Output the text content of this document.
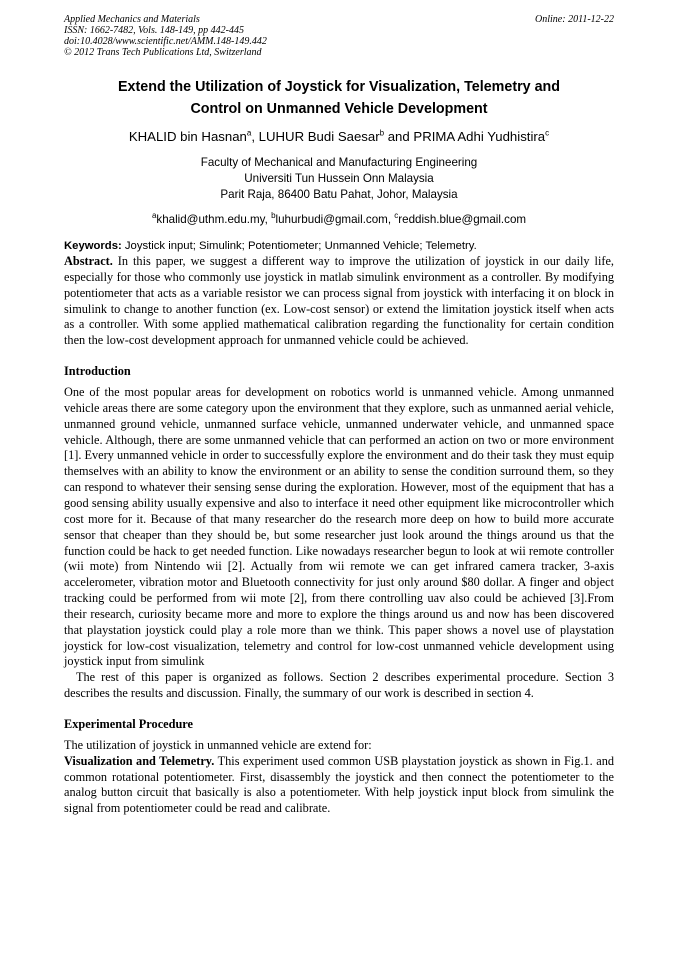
Applied Mechanics and Materials
ISSN: 1662-7482, Vols. 148-149, pp 442-445
doi:10.4028/www.scientific.net/AMM.148-149.442
© 2012 Trans Tech Publications Ltd, Switzerland
Online: 2011-12-22
Extend the Utilization of Joystick for Visualization, Telemetry and
Control on Unmanned Vehicle Development
KHALID bin Hasnan$^a$, LUHUR Budi Saesar$^b$ and PRIMA Adhi Yudhistira$^c$
Faculty of Mechanical and Manufacturing Engineering
Universiti Tun Hussein Onn Malaysia
Parit Raja, 86400 Batu Pahat, Johor, Malaysia
$^a$khalid@uthm.edu.my, $^b$luhurbudi@gmail.com, $^c$reddish.blue@gmail.com
Keywords: Joystick input; Simulink; Potentiometer; Unmanned Vehicle; Telemetry.

Abstract. In this paper, we suggest a different way to improve the utilization of joystick in our daily life, especially for those who commonly use joystick in matlab simulink environment as a controller. By modifying potentiometer that acts as a variable resistor we can process signal from joystick with interfacing it on block in simulink to change to another function (ex. Low-cost sensor) or extend the limitation joystick itself when acts as a controller. With some applied mathematical calibration regarding the functionality for certain condition then the low-cost development approach for unmanned vehicle could be achieved.

Introduction

One of the most popular areas for development on robotics world is unmanned vehicle. Among unmanned vehicle areas there are some category upon the environment that they explore, such as unmanned aerial vehicle, unmanned ground vehicle, unmanned surface vehicle, unmanned underwater vehicle, and unmanned space vehicle. Although, there are some unmanned vehicle that can performed an action on two or more environment [1]. Every unmanned vehicle in order to successfully explore the environment and do their task they must equip themselves with an ability to know the environment or an ability to sense the condition surround them, so they can respond to whatever their sensing sense during the exploration. However, most of the equipment that has a good sensing ability usually expensive and also to interface it need other equipment like microcontroller which cost more for it. Because of that many researcher do the research more deep on how to build more accurate sensor that cheaper than they should be, but some researcher just look around the things around us that the function could be hack to get needed function. Like nowadays researcher begun to look at wii remote controller (wii mote) from Nintendo wii [2]. Actually from wii remote we can get infrared camera tracker, 3-axis accelerometer, vibration motor and Bluetooth connectivity for just only around $80 dollar. A finger and object tracking could be performed from wii mote [2], from there controlling uav also could be achieved [3].From their research, curiosity became more and more to explore the things around us and now has been discovered that playstation joystick could play a role more than we think. This paper shows a novel use of playstation joystick for low-cost visualization, telemetry and control for low-cost unmanned vehicle development using joystick input from simulink

The rest of this paper is organized as follows. Section 2 describes experimental procedure. Section 3 describes the results and discussion. Finally, the summary of our work is described in section 4.

Experimental Procedure

The utilization of joystick in unmanned vehicle are extend for:

Visualization and Telemetry. This experiment used common USB playstation joystick as shown in Fig.1. and common rotational potentiometer. First, disassembly the joystick and then connect the potentiometer to the analog button circuit that basically is also a potentiometer. With help joystick input block from simulink the signal from potentiometer could be read and calibrate.
